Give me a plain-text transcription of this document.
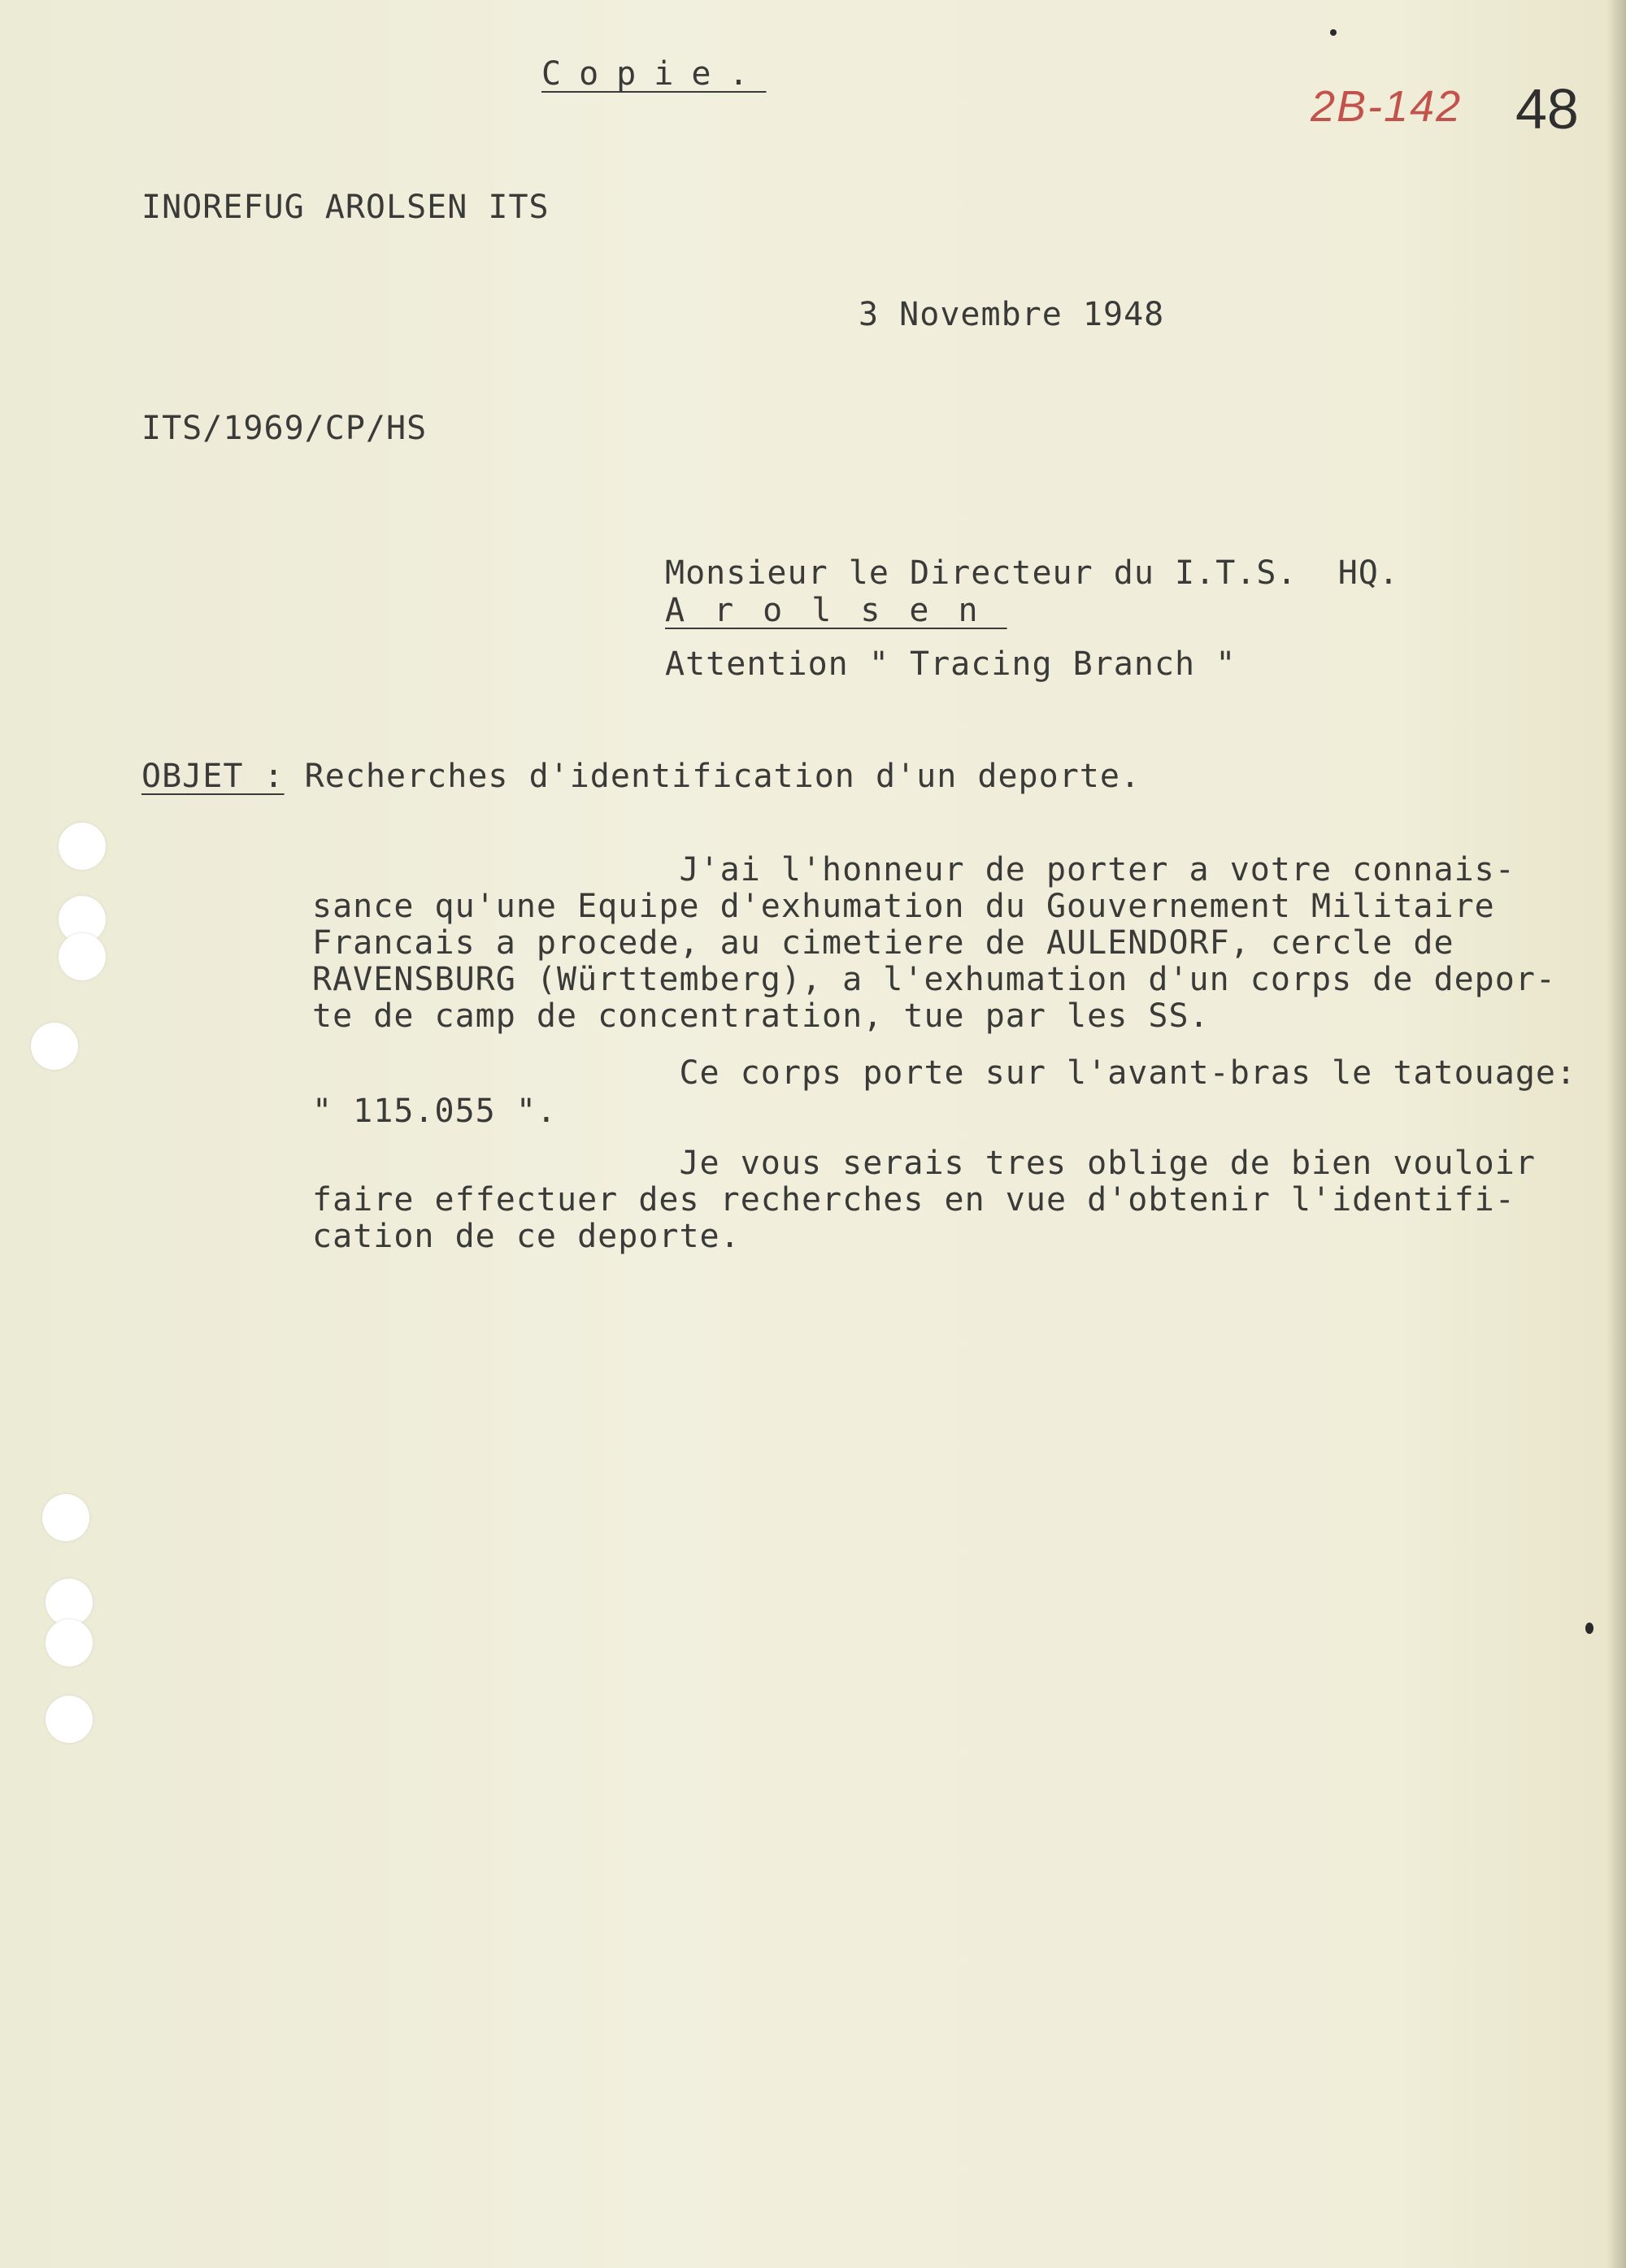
Copie.
2B-142 48
INOREFUG AROLSEN ITS
3 Novembre 1948
ITS/1969/CP/HS
Monsieur le Directeur du I.T.S.  HQ.
Arolsen
Attention " Tracing Branch "
OBJET : Recherches d'identification d'un deporte.
J'ai l'honneur de porter a votre connais-
sance qu'une Equipe d'exhumation du Gouvernement Militaire
Francais a procede, au cimetiere de AULENDORF, cercle de
RAVENSBURG (Württemberg), a l'exhumation d'un corps de depor-
te de camp de concentration, tue par les SS.
Ce corps porte sur l'avant-bras le tatouage:
" 115.055 ".
Je vous serais tres oblige de bien vouloir
faire effectuer des recherches en vue d'obtenir l'identifi-
cation de ce deporte.
